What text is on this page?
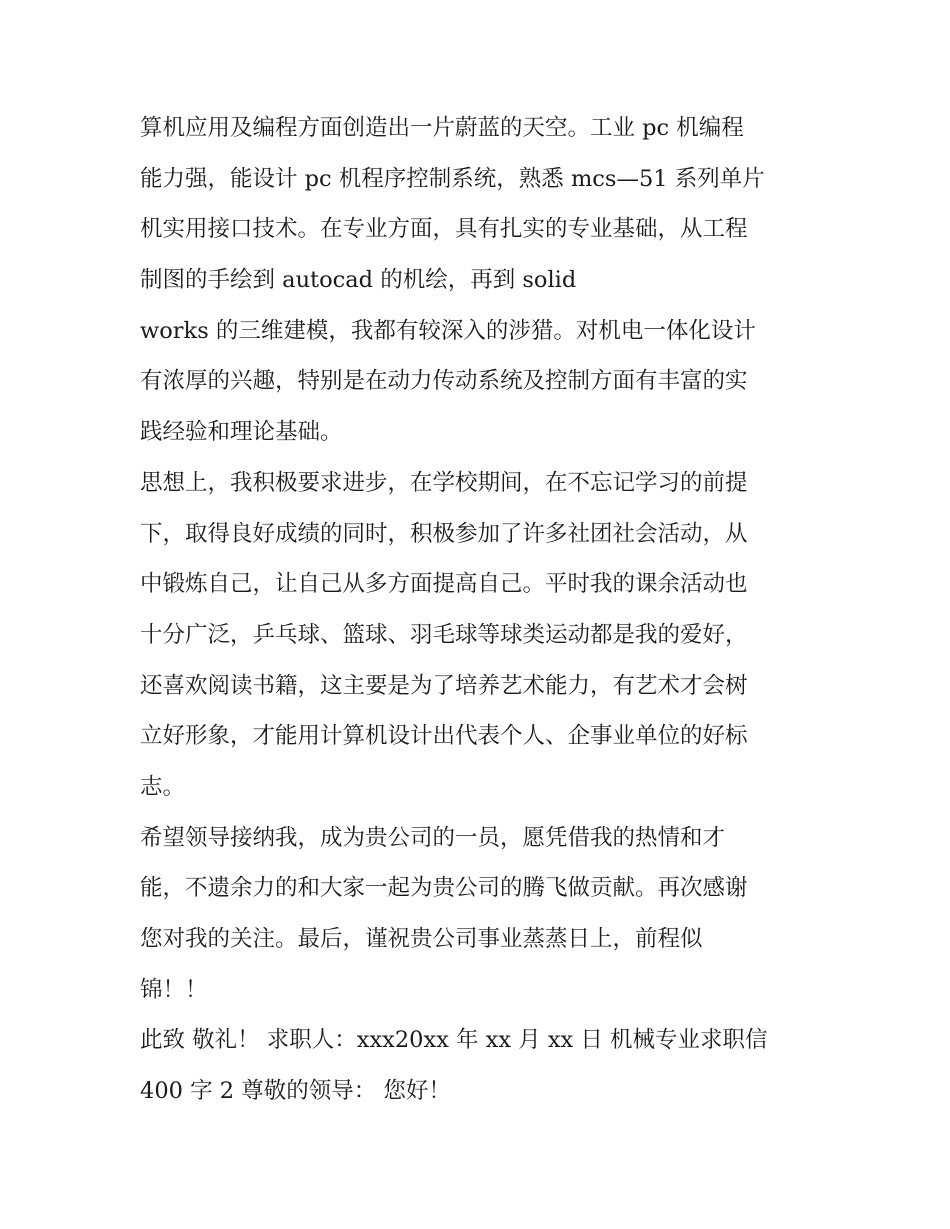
算机应用及编程方面创造出一片蔚蓝的天空。工业 pc 机编程
能力强，能设计 pc 机程序控制系统，熟悉 mcs—51 系列单片
机实用接口技术。在专业方面，具有扎实的专业基础，从工程
制图的手绘到 autocad 的机绘，再到 solid
works 的三维建模，我都有较深入的涉猎。对机电一体化设计
有浓厚的兴趣，特别是在动力传动系统及控制方面有丰富的实
践经验和理论基础。
思想上，我积极要求进步，在学校期间，在不忘记学习的前提
下，取得良好成绩的同时，积极参加了许多社团社会活动，从
中锻炼自己，让自己从多方面提高自己。平时我的课余活动也
十分广泛，乒乓球、篮球、羽毛球等球类运动都是我的爱好，
还喜欢阅读书籍，这主要是为了培养艺术能力，有艺术才会树
立好形象，才能用计算机设计出代表个人、企事业单位的好标
志。
希望领导接纳我，成为贵公司的一员，愿凭借我的热情和才
能，不遗余力的和大家一起为贵公司的腾飞做贡献。再次感谢
您对我的关注。最后，谨祝贵公司事业蒸蒸日上，前程似
锦！！
此致 敬礼！ 求职人：xxx20xx 年 xx 月 xx 日 机械专业求职信
400 字 2 尊敬的领导： 您好！
